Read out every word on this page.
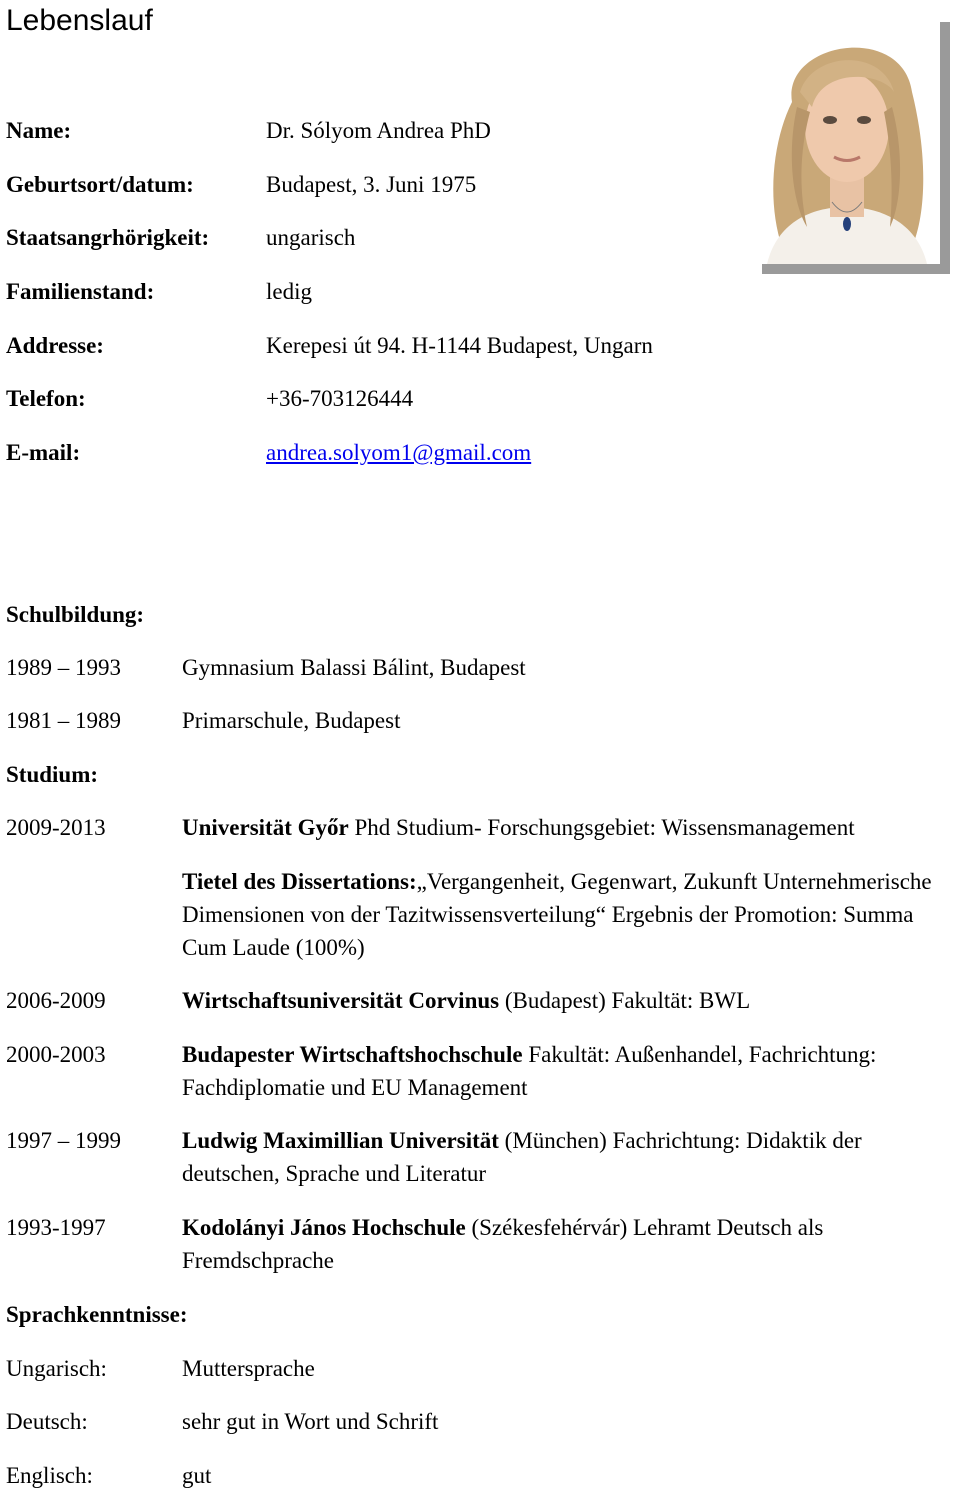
Lebenslauf
Name:	Dr. Sólyom Andrea PhD
Geburtsort/datum:	Budapest, 3. Juni 1975
Staatsangrhörigkeit: ungarisch
Familienstand:	ledig
Addresse:	Kerepesi út 94. H-1144 Budapest, Ungarn
Telefon:	+36-703126444
E-mail:	andrea.solyom1@gmail.com
Schulbildung:
1989 – 1993	Gymnasium Balassi Bálint, Budapest
1981 – 1989	Primarschule, Budapest
Studium:
2009-2013	Universität Győr Phd Studium- Forschungsgebiet: Wissensmanagement
Tietel des Dissertations:„Vergangenheit, Gegenwart, Zukunft Unternehmerische Dimensionen von der Tazitwissensverteilung“ Ergebnis der Promotion: Summa Cum Laude (100%)
2006-2009	Wirtschaftsuniversität Corvinus (Budapest) Fakultät: BWL
2000-2003	Budapester Wirtschaftshochschule Fakultät: Außenhandel, Fachrichtung: Fachdiplomatie und EU Management
1997 – 1999	Ludwig Maximillian Universität (München) Fachrichtung: Didaktik der deutschen, Sprache und Literatur
1993-1997	Kodolányi János Hochschule (Székesfehérvár) Lehramt Deutsch als Fremdschprache
Sprachkenntnisse:
Ungarisch:	Muttersprache
Deutsch:	sehr gut in Wort und Schrift
Englisch:	gut
